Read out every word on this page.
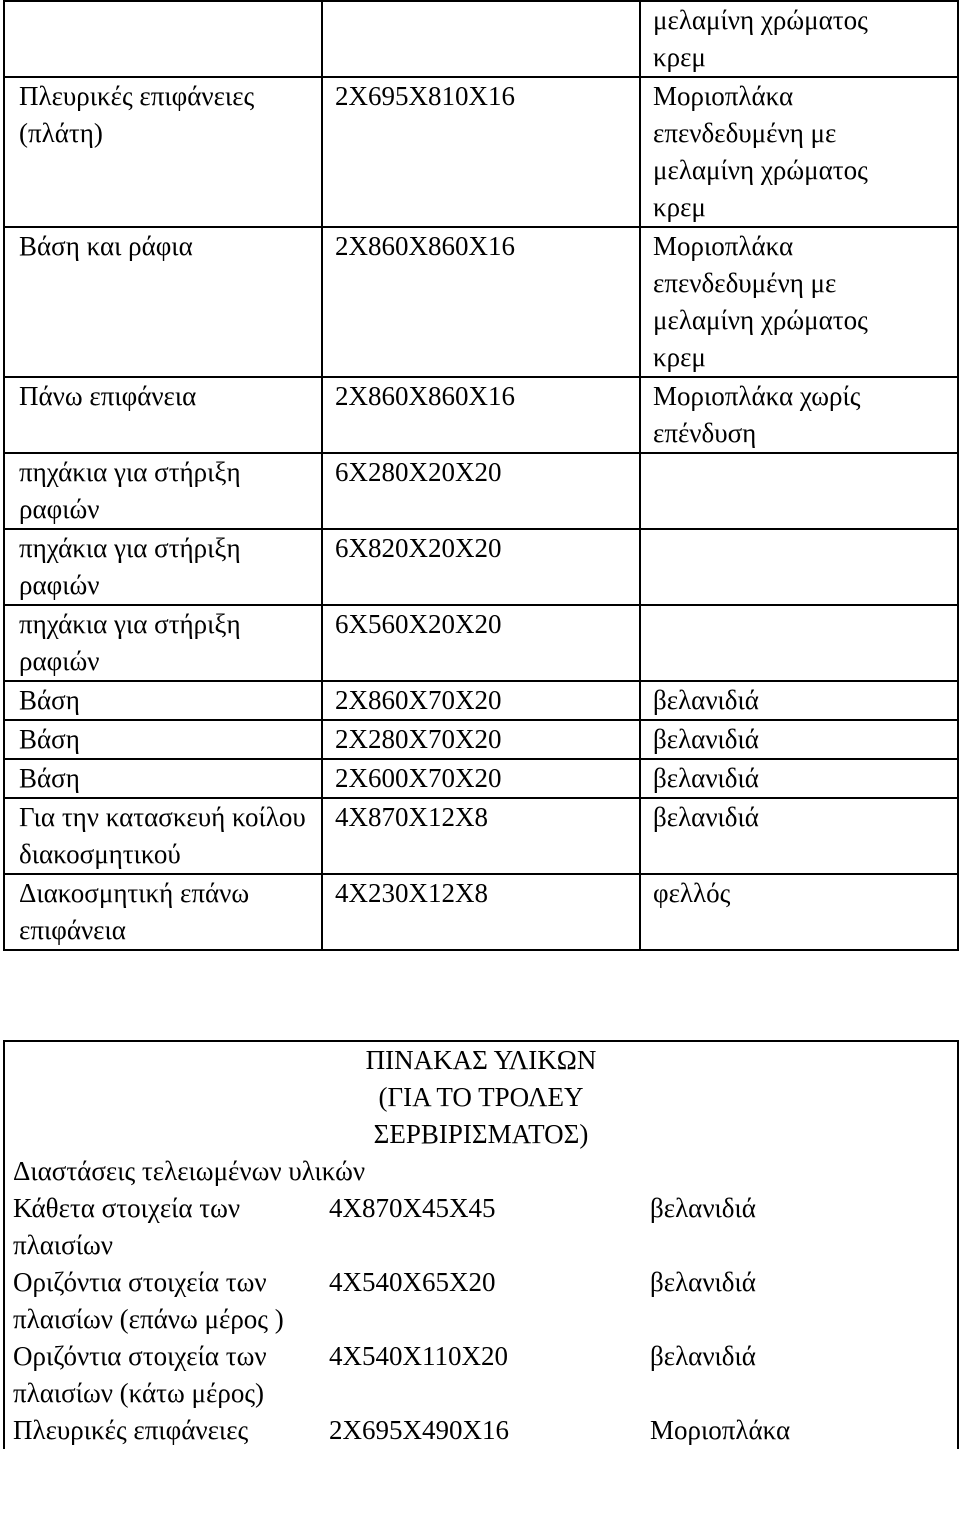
		μελαμίνη χρώματος κρεμ
Πλευρικές επιφάνειες (πλάτη)	2Χ695Χ810Χ16	Μοριοπλάκα επενδεδυμένη με μελαμίνη χρώματος κρεμ
Βάση και ράφια	2Χ860Χ860Χ16	Μοριοπλάκα επενδεδυμένη με μελαμίνη χρώματος κρεμ
Πάνω επιφάνεια	2Χ860Χ860Χ16	Μοριοπλάκα χωρίς επένδυση
πηχάκια για στήριξη ραφιών	6Χ280Χ20Χ20	
πηχάκια για στήριξη ραφιών	6Χ820Χ20Χ20	
πηχάκια για στήριξη ραφιών	6Χ560Χ20Χ20	
Βάση	2Χ860Χ70Χ20	βελανιδιά
Βάση	2Χ280Χ70Χ20	βελανιδιά
Βάση	2Χ600Χ70Χ20	βελανιδιά
Για την κατασκευή κοίλου διακοσμητικού	4Χ870Χ12Χ8	βελανιδιά
Διακοσμητική επάνω επιφάνεια	4Χ230Χ12Χ8	φελλός
ΠΙΝΑΚΑΣ ΥΛΙΚΩΝ
(ΓΙΑ ΤΟ ΤΡΟΛΕΥ
ΣΕΡΒΙΡΙΣΜΑΤΟΣ)		

Διαστάσεις τελειωμένων υλικών		
Κάθετα στοιχεία των πλαισίων	4Χ870Χ45Χ45	βελανιδιά
Οριζόντια στοιχεία των πλαισίων (επάνω μέρος )	4Χ540Χ65Χ20	βελανιδιά
Οριζόντια στοιχεία των πλαισίων (κάτω μέρος)	4Χ540Χ110Χ20	βελανιδιά
Πλευρικές επιφάνειες	2Χ695Χ490Χ16	Μοριοπλάκα
